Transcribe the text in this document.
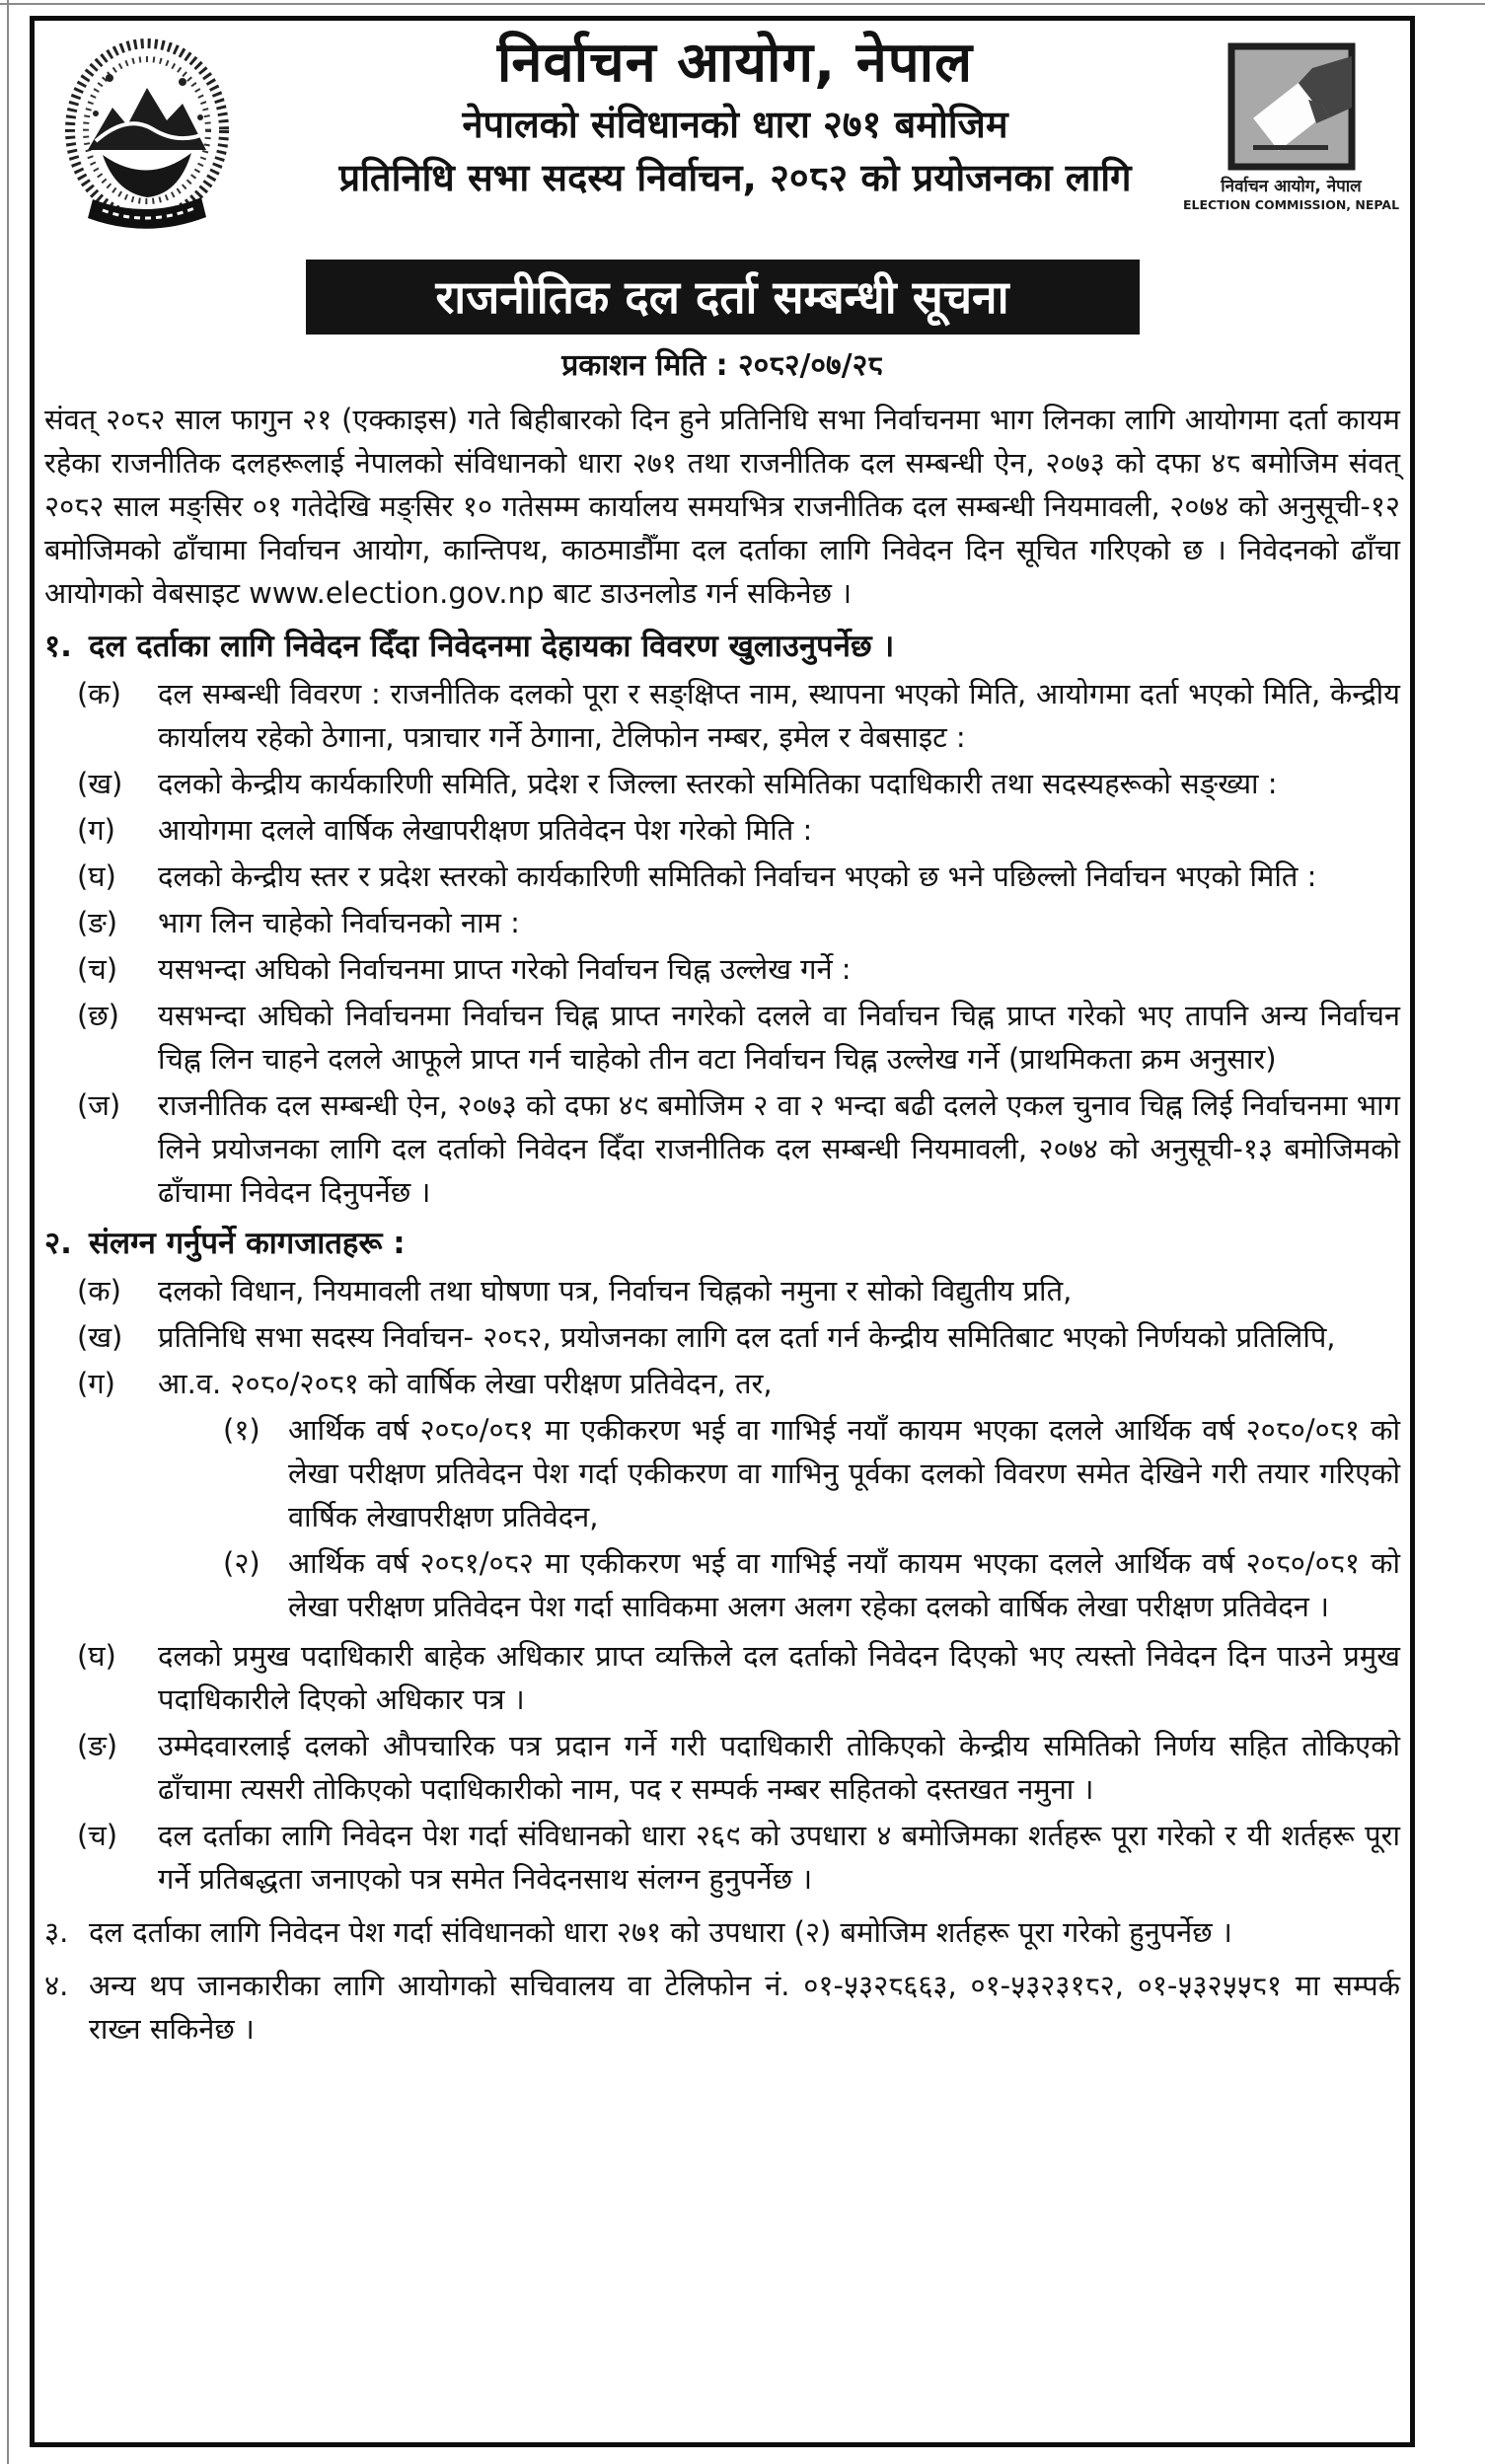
निर्वाचन आयोग, नेपाल
नेपालको संविधानको धारा २७१ बमोजिम
प्रतिनिधि सभा सदस्य निर्वाचन, २०८२ को प्रयोजनका लागि	निर्वाचन आयोग, नेपाल
ELECTION COMMISSION, NEPAL
राजनीतिक दल दर्ता सम्बन्धी सूचना
प्रकाशन मिति : २०८२/०७/२८

संवत् २०८२ साल फागुन २१ (एक्काइस) गते बिहीबारको दिन हुने प्रतिनिधि सभा निर्वाचनमा भाग लिनका लागि आयोगमा दर्ता कायम रहेका राजनीतिक दलहरूलाई नेपालको संविधानको धारा २७१ तथा राजनीतिक दल सम्बन्धी ऐन, २०७३ को दफा ४८ बमोजिम संवत् २०८२ साल मङ्सिर ०१ गतेदेखि मङ्सिर १० गतेसम्म कार्यालय समयभित्र राजनीतिक दल सम्बन्धी नियमावली, २०७४ को अनुसूची-१२ बमोजिमको ढाँचामा निर्वाचन आयोग, कान्तिपथ, काठमाडौँमा दल दर्ताका लागि निवेदन दिन सूचित गरिएको छ । निवेदनको ढाँचा आयोगको वेबसाइट www.election.gov.np बाट डाउनलोड गर्न सकिनेछ ।

१. दल दर्ताका लागि निवेदन दिँदा निवेदनमा देहायका विवरण खुलाउनुपर्नेछ ।
(क)	दल सम्बन्धी विवरण : राजनीतिक दलको पूरा र सङ्क्षिप्त नाम, स्थापना भएको मिति, आयोगमा दर्ता भएको मिति, केन्द्रीय कार्यालय रहेको ठेगाना, पत्राचार गर्ने ठेगाना, टेलिफोन नम्बर, इमेल र वेबसाइट :
(ख)	दलको केन्द्रीय कार्यकारिणी समिति, प्रदेश र जिल्ला स्तरको समितिका पदाधिकारी तथा सदस्यहरूको सङ्ख्या :
(ग)	आयोगमा दलले वार्षिक लेखापरीक्षण प्रतिवेदन पेश गरेको मिति :
(घ)	दलको केन्द्रीय स्तर र प्रदेश स्तरको कार्यकारिणी समितिको निर्वाचन भएको छ भने पछिल्लो निर्वाचन भएको मिति :
(ङ)	भाग लिन चाहेको निर्वाचनको नाम :
(च)	यसभन्दा अघिको निर्वाचनमा प्राप्त गरेको निर्वाचन चिह्न उल्लेख गर्ने :
(छ)	यसभन्दा अघिको निर्वाचनमा निर्वाचन चिह्न प्राप्त नगरेको दलले वा निर्वाचन चिह्न प्राप्त गरेको भए तापनि अन्य निर्वाचन चिह्न लिन चाहने दलले आफूले प्राप्त गर्न चाहेको तीन वटा निर्वाचन चिह्न उल्लेख गर्ने (प्राथमिकता क्रम अनुसार)
(ज)	राजनीतिक दल सम्बन्धी ऐन, २०७३ को दफा ४९ बमोजिम २ वा २ भन्दा बढी दलले एकल चुनाव चिह्न लिई निर्वाचनमा भाग लिने प्रयोजनका लागि दल दर्ताको निवेदन दिँदा राजनीतिक दल सम्बन्धी नियमावली, २०७४ को अनुसूची-१३ बमोजिमको ढाँचामा निवेदन दिनुपर्नेछ ।
२. संलग्न गर्नुपर्ने कागजातहरू :
(क)	दलको विधान, नियमावली तथा घोषणा पत्र, निर्वाचन चिह्नको नमुना र सोको विद्युतीय प्रति,
(ख)	प्रतिनिधि सभा सदस्य निर्वाचन- २०८२, प्रयोजनका लागि दल दर्ता गर्न केन्द्रीय समितिबाट भएको निर्णयको प्रतिलिपि,
(ग)	आ.व. २०८०/२०८१ को वार्षिक लेखा परीक्षण प्रतिवेदन, तर,
(१) आर्थिक वर्ष २०८०/०८१ मा एकीकरण भई वा गाभिई नयाँ कायम भएका दलले आर्थिक वर्ष २०८०/०८१ को लेखा परीक्षण प्रतिवेदन पेश गर्दा एकीकरण वा गाभिनु पूर्वका दलको विवरण समेत देखिने गरी तयार गरिएको वार्षिक लेखापरीक्षण प्रतिवेदन,
(२) आर्थिक वर्ष २०८१/०८२ मा एकीकरण भई वा गाभिई नयाँ कायम भएका दलले आर्थिक वर्ष २०८०/०८१ को लेखा परीक्षण प्रतिवेदन पेश गर्दा साविकमा अलग अलग रहेका दलको वार्षिक लेखा परीक्षण प्रतिवेदन ।
(घ)	दलको प्रमुख पदाधिकारी बाहेक अधिकार प्राप्त व्यक्तिले दल दर्ताको निवेदन दिएको भए त्यस्तो निवेदन दिन पाउने प्रमुख पदाधिकारीले दिएको अधिकार पत्र ।
(ङ)	उम्मेदवारलाई दलको औपचारिक पत्र प्रदान गर्ने गरी पदाधिकारी तोकिएको केन्द्रीय समितिको निर्णय सहित तोकिएको ढाँचामा त्यसरी तोकिएको पदाधिकारीको नाम, पद र सम्पर्क नम्बर सहितको दस्तखत नमुना ।
(च)	दल दर्ताका लागि निवेदन पेश गर्दा संविधानको धारा २६९ को उपधारा ४ बमोजिमका शर्तहरू पूरा गरेको र यी शर्तहरू पूरा गर्ने प्रतिबद्धता जनाएको पत्र समेत निवेदनसाथ संलग्न हुनुपर्नेछ ।
३. दल दर्ताका लागि निवेदन पेश गर्दा संविधानको धारा २७१ को उपधारा (२) बमोजिम शर्तहरू पूरा गरेको हुनुपर्नेछ ।
४. अन्य थप जानकारीका लागि आयोगको सचिवालय वा टेलिफोन नं. ०१-५३२८६६३, ०१-५३२३१८२, ०१-५३२५५८१ मा सम्पर्क राख्न सकिनेछ ।
